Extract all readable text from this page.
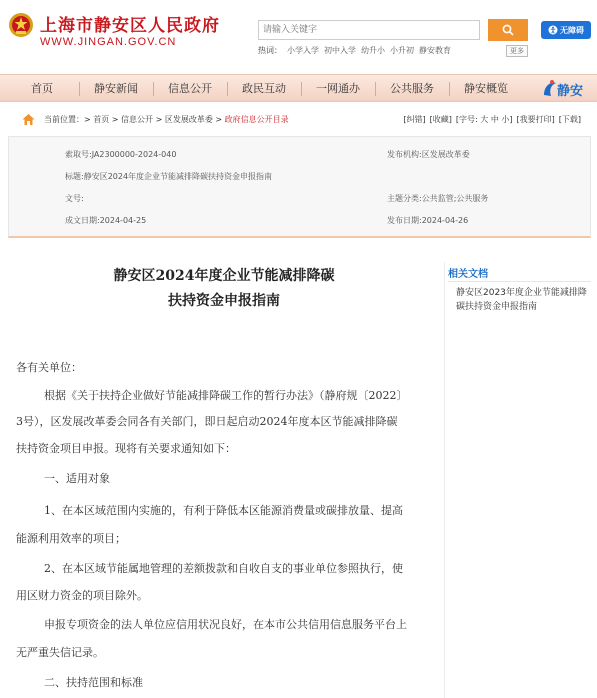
上海市静安区人民政府
WWW.JINGAN.GOV.CN
请输入关键字
无障碍
热词： 小学入学 初中入学 幼升小 小升初 静安教育	更多
首页	静安新闻	信息公开	政民互动	一网通办	公共服务	静安概览	静安
当前位置：> 首页 > 信息公开 > 区发展改革委 > 政府信息公开目录	[纠错] [收藏] [字号: 大 中 小] [我要打印] [下载]
索取号:JA2300000-2024-040	发布机构:区发展改革委
标题:静安区2024年度企业节能减排降碳扶持资金申报指南
文号:	主题分类:公共监管;公共服务
成文日期:2024-04-25	发布日期:2024-04-26
静安区2024年度企业节能减排降碳
扶持资金申报指南
各有关单位：
根据《关于扶持企业做好节能减排降碳工作的暂行办法》（静府规〔2022〕
3号），区发展改革委会同各有关部门，即日起启动2024年度本区节能减排降碳
扶持资金项目申报。现将有关要求通知如下：
一、适用对象
1、在本区域范围内实施的，有利于降低本区能源消费量或碳排放量、提高
能源利用效率的项目；
2、在本区域节能属地管理的差额拨款和自收自支的事业单位参照执行，使
用区财力资金的项目除外。
申报专项资金的法人单位应信用状况良好，在本市公共信用信息服务平台上
无严重失信记录。
二、扶持范围和标准
相关文档
静安区2023年度企业节能减排降碳扶持资金申报指南
